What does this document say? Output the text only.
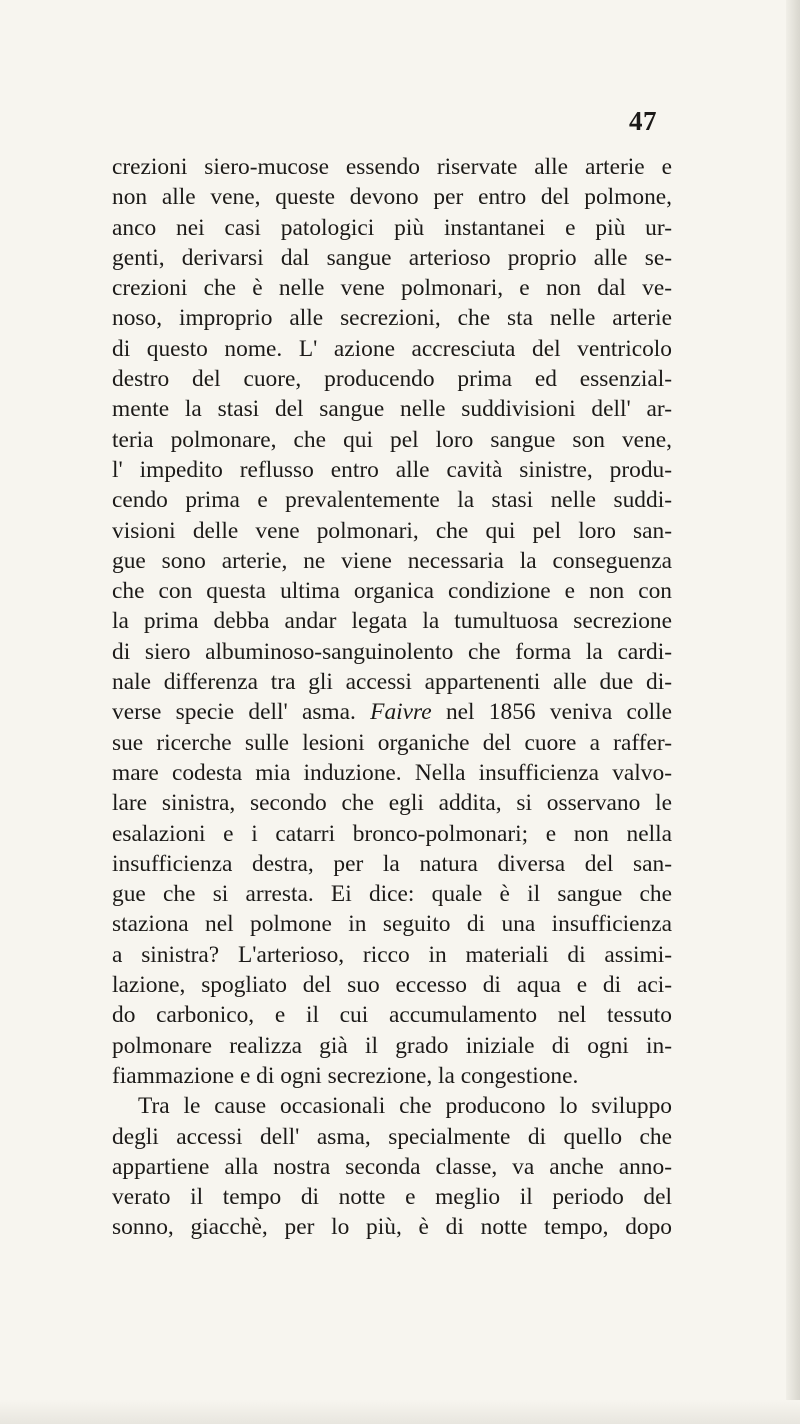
47
crezioni siero-mucose essendo riservate alle arterie e
non alle vene, queste devono per entro del polmone,
anco nei casi patologici più instantanei e più ur-
genti, derivarsi dal sangue arterioso proprio alle se-
crezioni che è nelle vene polmonari, e non dal ve-
noso, improprio alle secrezioni, che sta nelle arterie
di questo nome. L' azione accresciuta del ventricolo
destro del cuore, producendo prima ed essenzial-
mente la stasi del sangue nelle suddivisioni dell' ar-
teria polmonare, che qui pel loro sangue son vene,
l' impedito reflusso entro alle cavità sinistre, produ-
cendo prima e prevalentemente la stasi nelle suddi-
visioni delle vene polmonari, che qui pel loro san-
gue sono arterie, ne viene necessaria la conseguenza
che con questa ultima organica condizione e non con
la prima debba andar legata la tumultuosa secrezione
di siero albuminoso-sanguinolento che forma la cardi-
nale differenza tra gli accessi appartenenti alle due di-
verse specie dell' asma. Faivre nel 1856 veniva colle
sue ricerche sulle lesioni organiche del cuore a raffer-
mare codesta mia induzione. Nella insufficienza valvo-
lare sinistra, secondo che egli addita, si osservano le
esalazioni e i catarri bronco-polmonari; e non nella
insufficienza destra, per la natura diversa del san-
gue che si arresta. Ei dice: quale è il sangue che
staziona nel polmone in seguito di una insufficienza
a sinistra? L'arterioso, ricco in materiali di assimi-
lazione, spogliato del suo eccesso di aqua e di aci-
do carbonico, e il cui accumulamento nel tessuto
polmonare realizza già il grado iniziale di ogni in-
fiammazione e di ogni secrezione, la congestione.
Tra le cause occasionali che producono lo sviluppo
degli accessi dell' asma, specialmente di quello che
appartiene alla nostra seconda classe, va anche anno-
verato il tempo di notte e meglio il periodo del
sonno, giacchè, per lo più, è di notte tempo, dopo
